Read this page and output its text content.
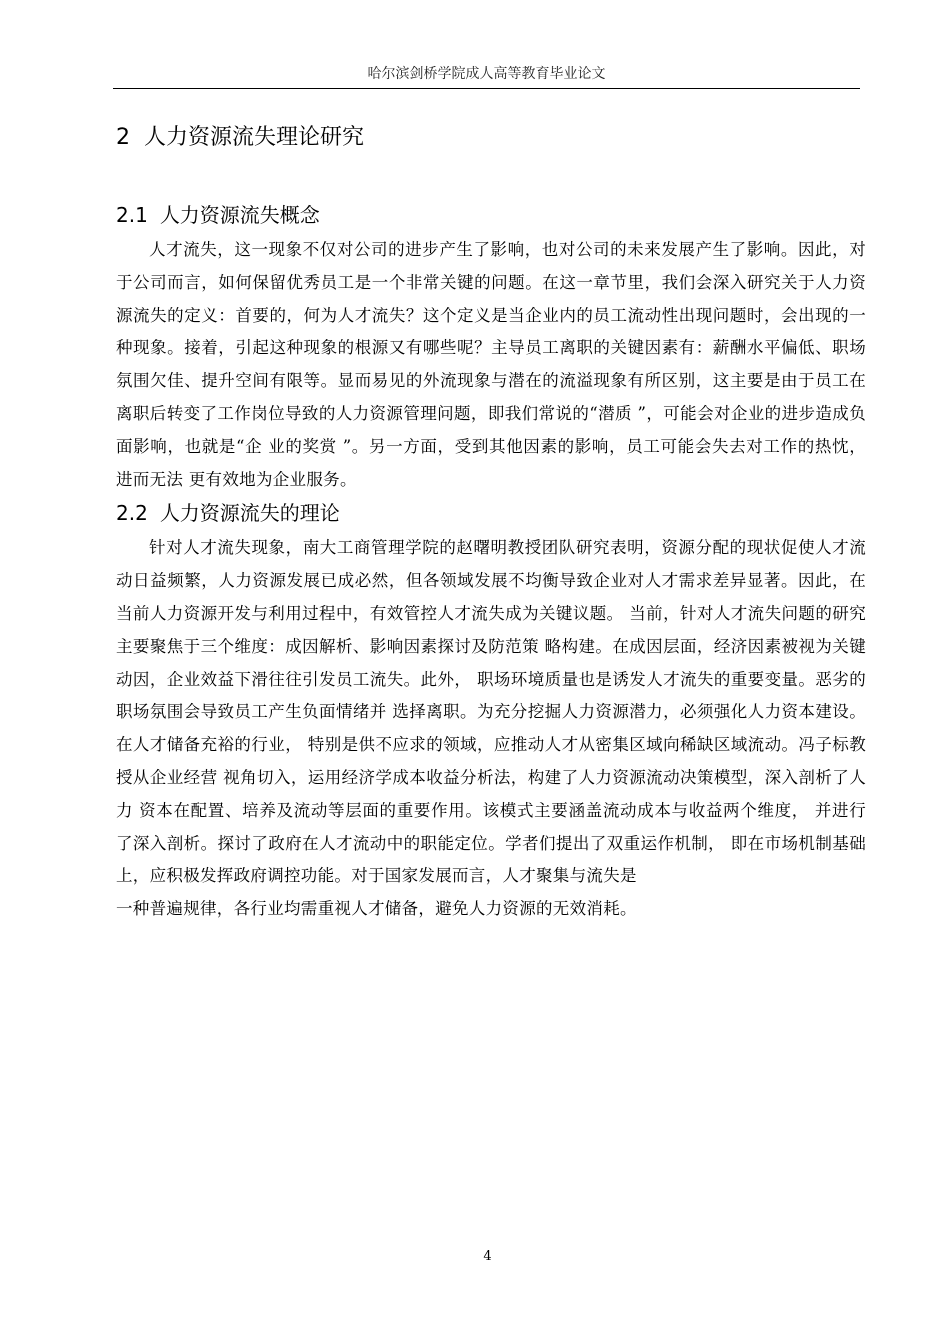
哈尔滨剑桥学院成人高等教育毕业论文
2 人力资源流失理论研究
2.1 人力资源流失概念

人才流失，这一现象不仅对公司的进步产生了影响，也对公司的未来发展产生了影响。因此，对于公司而言，如何保留优秀员工是一个非常关键的问题。在这一章节里，我们会深入研究关于人力资源流失的定义：首要的，何为人才流失？这个定义是当企业内的员工流动性出现问题时，会出现的一种现象。接着，引起这种现象的根源又有哪些呢？主导员工离职的关键因素有：薪酬水平偏低、职场氛围欠佳、提升空间有限等。显而易见的外流现象与潜在的流溢现象有所区别，这主要是由于员工在离职后转变了工作岗位导致的人力资源管理问题，即我们常说的“潜质 ”，可能会对企业的进步造成负面影响，也就是“企 业的奖赏 ”。另一方面，受到其他因素的影响，员工可能会失去对工作的热忱，进而无法 更有效地为企业服务。

2.2 人力资源流失的理论

针对人才流失现象，南大工商管理学院的赵曙明教授团队研究表明，资源分配的现状促使人才流动日益频繁，人力资源发展已成必然，但各领域发展不均衡导致企业对人才需求差异显著。因此，在当前人力资源开发与利用过程中，有效管控人才流失成为关键议题。 当前，针对人才流失问题的研究主要聚焦于三个维度：成因解析、影响因素探讨及防范策 略构建。在成因层面，经济因素被视为关键动因，企业效益下滑往往引发员工流失。此外， 职场环境质量也是诱发人才流失的重要变量。恶劣的职场氛围会导致员工产生负面情绪并 选择离职。为充分挖掘人力资源潜力，必须强化人力资本建设。在人才储备充裕的行业， 特别是供不应求的领域，应推动人才从密集区域向稀缺区域流动。冯子标教授从企业经营 视角切入，运用经济学成本收益分析法，构建了人力资源流动决策模型，深入剖析了人力 资本在配置、培养及流动等层面的重要作用。该模式主要涵盖流动成本与收益两个维度， 并进行了深入剖析。探讨了政府在人才流动中的职能定位。学者们提出了双重运作机制， 即在市场机制基础上，应积极发挥政府调控功能。对于国家发展而言，人才聚集与流失是

一种普遍规律，各行业均需重视人才储备，避免人力资源的无效消耗。

4
